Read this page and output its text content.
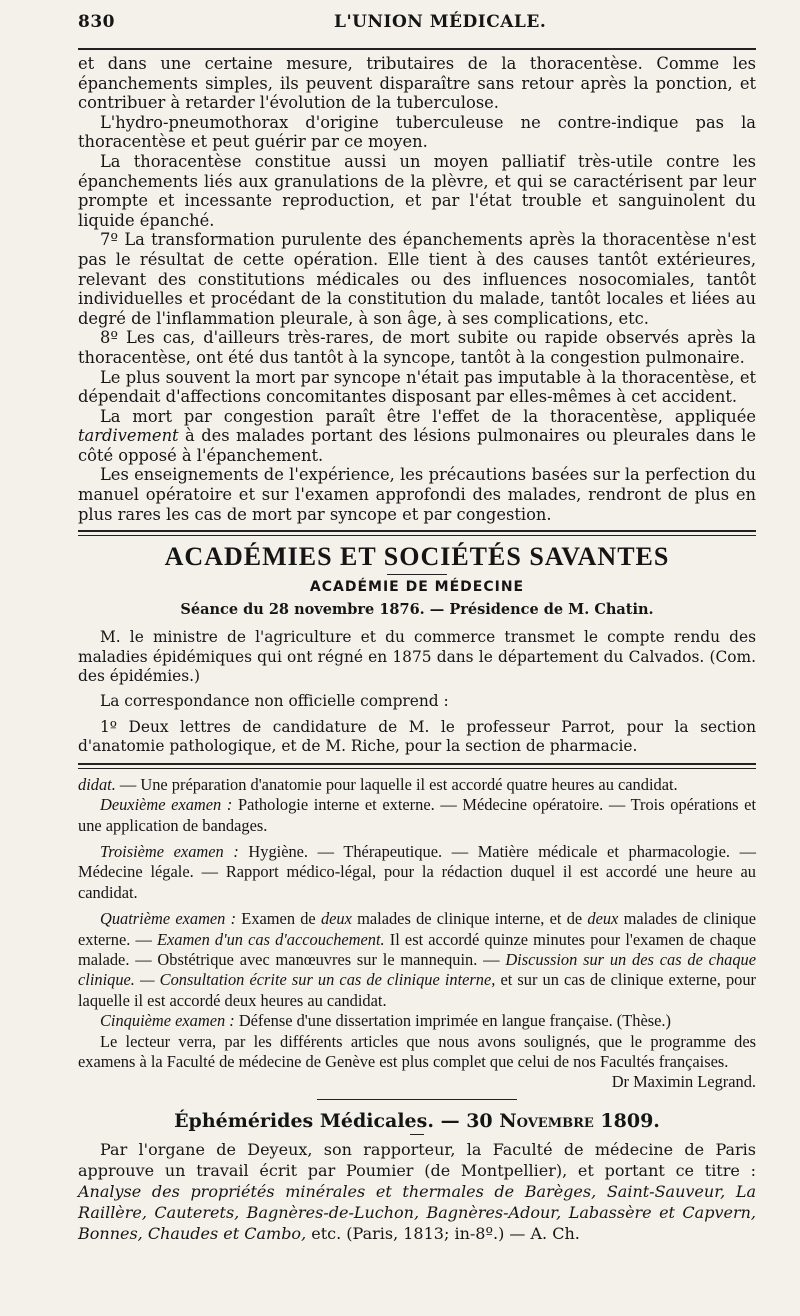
830	L'UNION MÉDICALE.

et dans une certaine mesure, tributaires de la thoracentèse. Comme les épanchements simples, ils peuvent disparaître sans retour après la ponction, et contribuer à retarder l'évolution de la tuberculose.

L'hydro-pneumothorax d'origine tuberculeuse ne contre-indique pas la thoracentèse et peut guérir par ce moyen.

La thoracentèse constitue aussi un moyen palliatif très-utile contre les épanchements liés aux granulations de la plèvre, et qui se caractérisent par leur prompte et incessante reproduction, et par l'état trouble et sanguinolent du liquide épanché.

7º La transformation purulente des épanchements après la thoracentèse n'est pas le résultat de cette opération. Elle tient à des causes tantôt extérieures, relevant des constitutions médicales ou des influences nosocomiales, tantôt individuelles et procédant de la constitution du malade, tantôt locales et liées au degré de l'inflammation pleurale, à son âge, à ses complications, etc.

8º Les cas, d'ailleurs très-rares, de mort subite ou rapide observés après la thoracentèse, ont été dus tantôt à la syncope, tantôt à la congestion pulmonaire.

Le plus souvent la mort par syncope n'était pas imputable à la thoracentèse, et dépendait d'affections concomitantes disposant par elles-mêmes à cet accident.

La mort par congestion paraît être l'effet de la thoracentèse, appliquée tardivement à des malades portant des lésions pulmonaires ou pleurales dans le côté opposé à l'épanchement.

Les enseignements de l'expérience, les précautions basées sur la perfection du manuel opératoire et sur l'examen approfondi des malades, rendront de plus en plus rares les cas de mort par syncope et par congestion.

ACADÉMIES ET SOCIÉTÉS SAVANTES
ACADÉMIE DE MÉDECINE
Séance du 28 novembre 1876. — Présidence de M. Chatin.

M. le ministre de l'agriculture et du commerce transmet le compte rendu des maladies épidémiques qui ont régné en 1875 dans le département du Calvados. (Com. des épidémies.)

La correspondance non officielle comprend :

1º Deux lettres de candidature de M. le professeur Parrot, pour la section d'anatomie pathologique, et de M. Riche, pour la section de pharmacie.

didat. — Une préparation d'anatomie pour laquelle il est accordé quatre heures au candidat.

Deuxième examen : Pathologie interne et externe. — Médecine opératoire. — Trois opérations et une application de bandages.

Troisième examen : Hygiène. — Thérapeutique. — Matière médicale et pharmacologie. — Médecine légale. — Rapport médico-légal, pour la rédaction duquel il est accordé une heure au candidat.

Quatrième examen : Examen de deux malades de clinique interne, et de deux malades de clinique externe. — Examen d'un cas d'accouchement. Il est accordé quinze minutes pour l'examen de chaque malade. — Obstétrique avec manœuvres sur le mannequin. — Discussion sur un des cas de chaque clinique. — Consultation écrite sur un cas de clinique interne, et sur un cas de clinique externe, pour laquelle il est accordé deux heures au candidat.

Cinquième examen : Défense d'une dissertation imprimée en langue française. (Thèse.)

Le lecteur verra, par les différents articles que nous avons soulignés, que le programme des examens à la Faculté de médecine de Genève est plus complet que celui de nos Facultés françaises.

Dr Maximin Legrand.

Éphémérides Médicales. — 30 Novembre 1809.

Par l'organe de Deyeux, son rapporteur, la Faculté de médecine de Paris approuve un travail écrit par Poumier (de Montpellier), et portant ce titre : Analyse des propriétés minérales et thermales de Barèges, Saint-Sauveur, La Raillère, Cauterets, Bagnères-de-Luchon, Bagnères-Adour, Labassère et Capvern, Bonnes, Chaudes et Cambo, etc. (Paris, 1813; in-8º.) — A. Ch.
